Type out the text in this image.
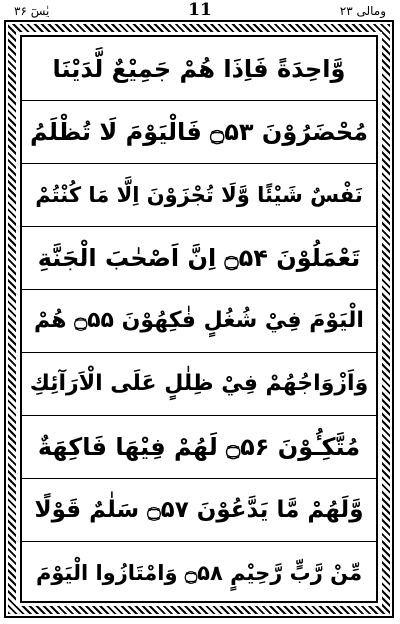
یٰسٓ ۳۶	11	ومالی ۲۳
وَّاحِدَةً فَاِذَا هُمْ جَمِيْعٌ لَّدَيْنَا
مُحْضَرُوْنَ ۝۵۳ فَالْيَوْمَ لَا تُظْلَمُ
نَفْسٌ شَيْئًا وَّلَا تُجْزَوْنَ اِلَّا مَا كُنْتُمْ
تَعْمَلُوْنَ ۝۵۴ اِنَّ اَصْحٰبَ الْجَنَّةِ
الْيَوْمَ فِيْ شُغُلٍ فٰكِهُوْنَ ۝۵۵ هُمْ
وَاَزْوَاجُهُمْ فِيْ ظِلٰلٍ عَلَى الْاَرَآئِكِ
مُتَّكِـُٔوْنَ ۝۵۶ لَهُمْ فِيْهَا فَاكِهَةٌ
وَّلَهُمْ مَّا يَدَّعُوْنَ ۝۵۷ سَلٰمٌ قَوْلًا
مِّنْ رَّبٍّ رَّحِيْمٍ ۝۵۸ وَامْتَازُوا الْيَوْمَ
